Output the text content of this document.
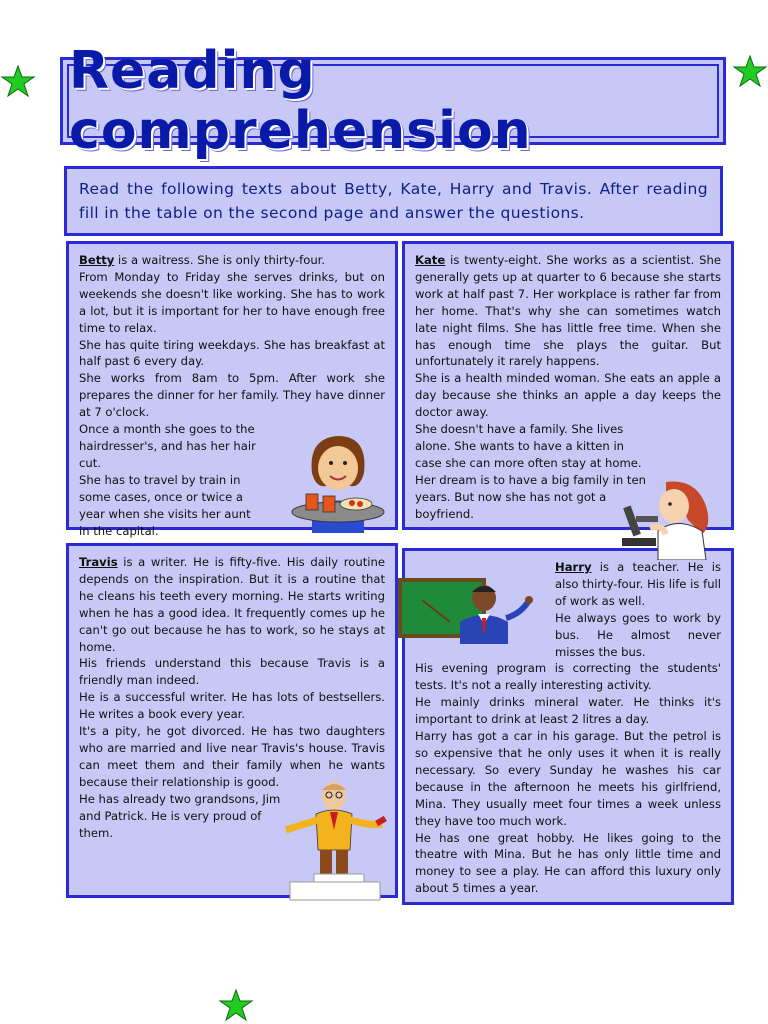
Reading comprehension
Read the following texts about Betty, Kate, Harry and Travis. After reading fill in the table on the second page and answer the questions.

Betty is a waitress. She is only thirty-four.

From Monday to Friday she serves drinks, but on weekends she doesn't like working. She has to work a lot, but it is important for her to have enough free time to relax.

She has quite tiring weekdays. She has breakfast at half past 6 every day.

She works from 8am to 5pm. After work she prepares the dinner for her family. They have dinner at 7 o'clock.

Once a month she goes to the hairdresser's, and has her hair cut.

She has to travel by train in some cases, once or twice a year when she visits her aunt in the capital.

Kate is twenty-eight. She works as a scientist. She generally gets up at quarter to 6 because she starts work at half past 7. Her workplace is rather far from her home. That's why she can sometimes watch late night films. She has little free time. When she has enough time she plays the guitar. But unfortunately it rarely happens.

She is a health minded woman. She eats an apple a day because she thinks an apple a day keeps the doctor away.

She doesn't have a family. She lives alone. She wants to have a kitten in case she can more often stay at home. Her dream is to have a big family in ten years. But now she has not got a boyfriend.

Travis is a writer. He is fifty-five. His daily routine depends on the inspiration. But it is a routine that he cleans his teeth every morning. He starts writing when he has a good idea. It frequently comes up he can't go out because he has to work, so he stays at home.

His friends understand this because Travis is a friendly man indeed.

He is a successful writer. He has lots of bestsellers. He writes a book every year.

It's a pity, he got divorced. He has two daughters who are married and live near Travis's house. Travis can meet them and their family when he wants because their relationship is good.

He has already two grandsons, Jim and Patrick. He is very proud of them.

Harry is a teacher. He is also thirty-four. His life is full of work as well.

He always goes to work by bus. He almost never misses the bus.

His evening program is correcting the students' tests. It's not a really interesting activity.

He mainly drinks mineral water. He thinks it's important to drink at least 2 litres a day.

Harry has got a car in his garage. But the petrol is so expensive that he only uses it when it is really necessary. So every Sunday he washes his car because in the afternoon he meets his girlfriend, Mina. They usually meet four times a week unless they have too much work.

He has one great hobby. He likes going to the theatre with Mina. But he has only little time and money to see a play. He can afford this luxury only about 5 times a year.
